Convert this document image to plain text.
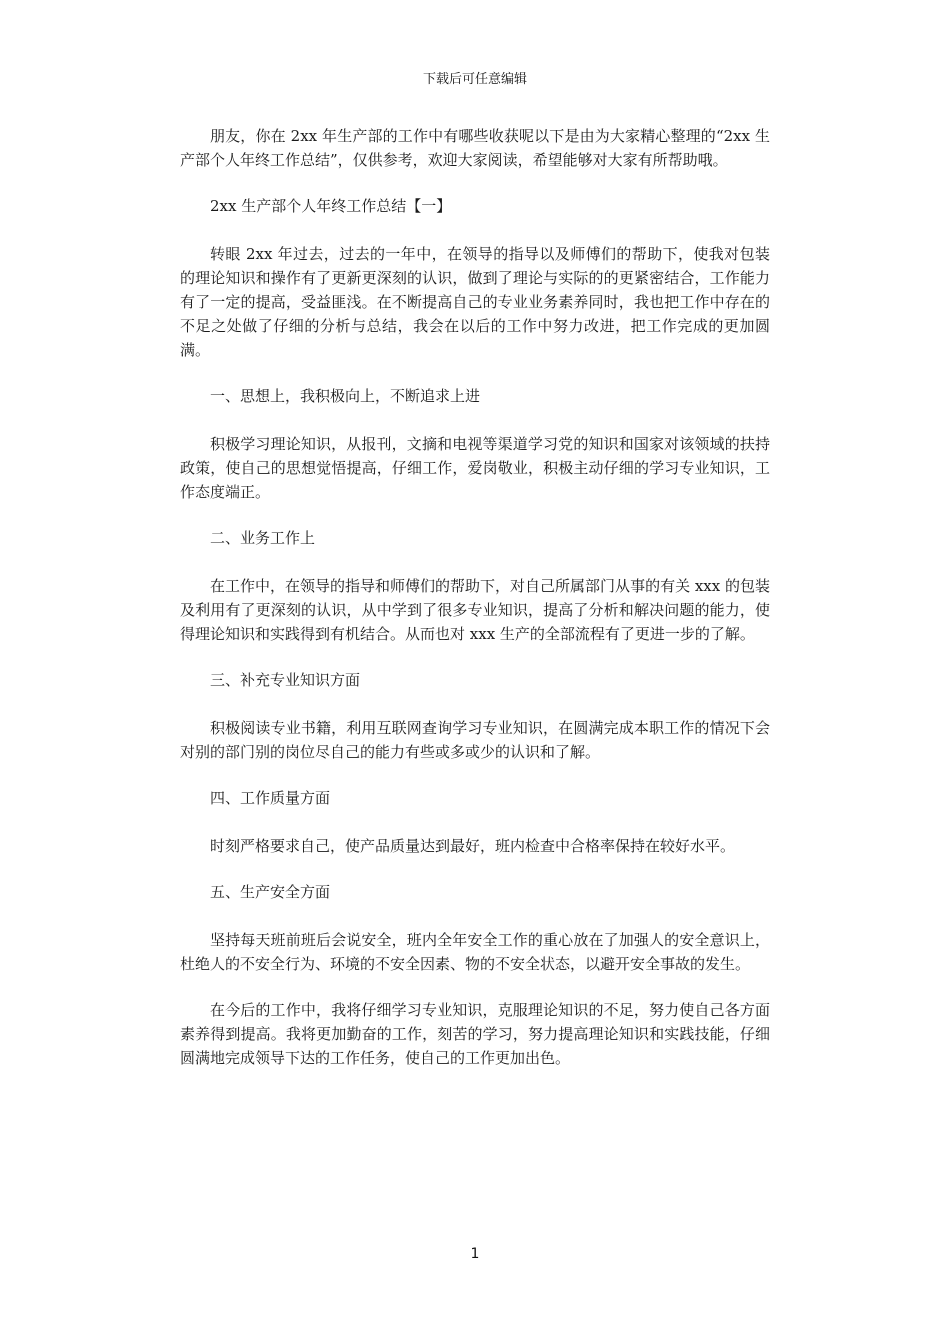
下载后可任意编辑

朋友，你在 2xx 年生产部的工作中有哪些收获呢以下是由为大家精心整理的“2xx 生产部个人年终工作总结”，仅供参考，欢迎大家阅读，希望能够对大家有所帮助哦。

2xx 生产部个人年终工作总结【一】

转眼 2xx 年过去，过去的一年中，在领导的指导以及师傅们的帮助下，使我对包装的理论知识和操作有了更新更深刻的认识，做到了理论与实际的的更紧密结合，工作能力有了一定的提高，受益匪浅。在不断提高自己的专业业务素养同时，我也把工作中存在的不足之处做了仔细的分析与总结，我会在以后的工作中努力改进，把工作完成的更加圆满。

一、思想上，我积极向上，不断追求上进

积极学习理论知识，从报刊，文摘和电视等渠道学习党的知识和国家对该领域的扶持政策，使自己的思想觉悟提高，仔细工作，爱岗敬业，积极主动仔细的学习专业知识，工作态度端正。

二、业务工作上

在工作中，在领导的指导和师傅们的帮助下，对自己所属部门从事的有关 xxx 的包装及利用有了更深刻的认识，从中学到了很多专业知识，提高了分析和解决问题的能力，使得理论知识和实践得到有机结合。从而也对 xxx 生产的全部流程有了更进一步的了解。

三、补充专业知识方面

积极阅读专业书籍，利用互联网查询学习专业知识，在圆满完成本职工作的情况下会对别的部门别的岗位尽自己的能力有些或多或少的认识和了解。

四、工作质量方面

时刻严格要求自己，使产品质量达到最好，班内检查中合格率保持在较好水平。

五、生产安全方面

坚持每天班前班后会说安全，班内全年安全工作的重心放在了加强人的安全意识上，杜绝人的不安全行为、环境的不安全因素、物的不安全状态，以避开安全事故的发生。

在今后的工作中，我将仔细学习专业知识，克服理论知识的不足，努力使自己各方面素养得到提高。我将更加勤奋的工作，刻苦的学习，努力提高理论知识和实践技能，仔细圆满地完成领导下达的工作任务，使自己的工作更加出色。

1
